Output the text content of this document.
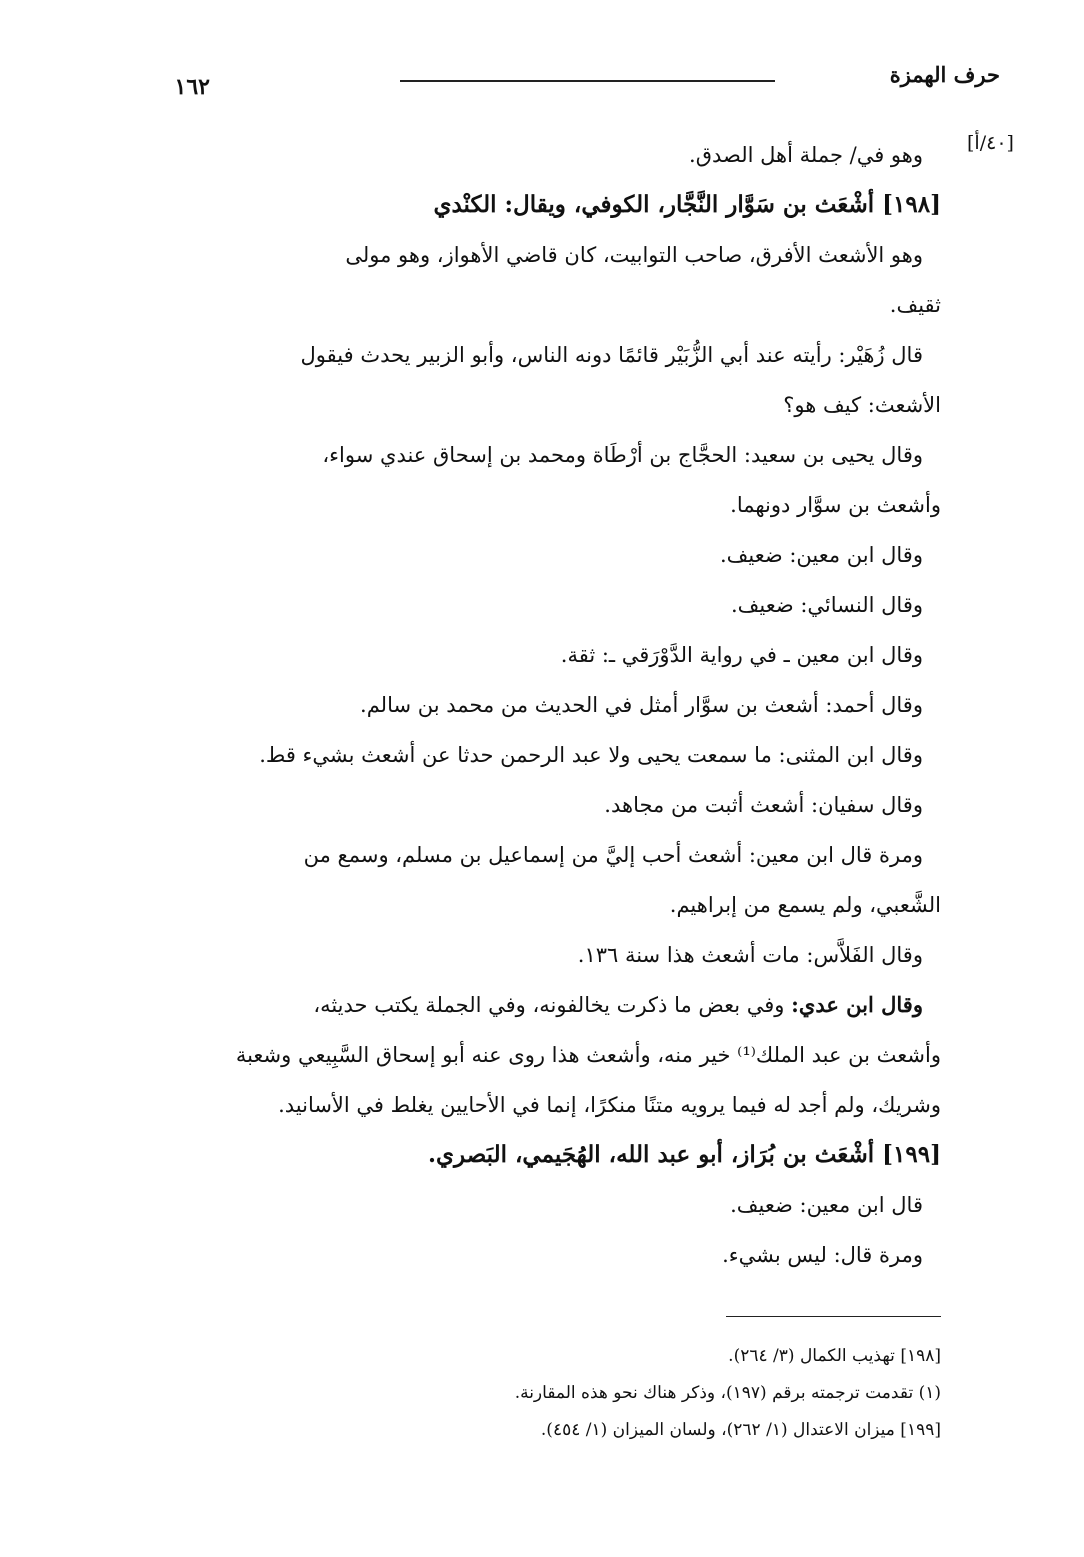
حرف الهمزة
١٦٢
[٤٠/أ]
وهو في/ جملة أهل الصدق.
[١٩٨] أشْعَث بن سَوَّار النَّجَّار، الكوفي، ويقال: الكنْدي
وهو الأشعث الأفرق، صاحب التوابيت، كان قاضي الأهواز، وهو مولى
ثقيف.
قال زُهَيْر: رأيته عند أبي الزُّبَيْر قائمًا دونه الناس، وأبو الزبير يحدث فيقول
الأشعث: كيف هو؟
وقال يحيى بن سعيد: الحجَّاج بن أرْطَاة ومحمد بن إسحاق عندي سواء،
وأشعث بن سوَّار دونهما.
وقال ابن معين: ضعيف.
وقال النسائي: ضعيف.
وقال ابن معين ـ في رواية الدَّوْرَقي ـ: ثقة.
وقال أحمد: أشعث بن سوَّار أمثل في الحديث من محمد بن سالم.
وقال ابن المثنى: ما سمعت يحيى ولا عبد الرحمن حدثا عن أشعث بشيء قط.
وقال سفيان: أشعث أثبت من مجاهد.
ومرة قال ابن معين: أشعث أحب إليَّ من إسماعيل بن مسلم، وسمع من
الشَّعبي، ولم يسمع من إبراهيم.
وقال الفَلاَّس: مات أشعث هذا سنة ١٣٦.
وقال ابن عدي: وفي بعض ما ذكرت يخالفونه، وفي الجملة يكتب حديثه،
وأشعث بن عبد الملك⁽¹⁾ خير منه، وأشعث هذا روى عنه أبو إسحاق السَّبِيعي وشعبة
وشريك، ولم أجد له فيما يرويه متنًا منكرًا، إنما في الأحايين يغلط في الأسانيد.
[١٩٩] أشْعَث بن بُرَاز، أبو عبد الله، الهُجَيمي، البَصري.
قال ابن معين: ضعيف.
ومرة قال: ليس بشيء.
[١٩٨] تهذيب الكمال (٣/ ٢٦٤).
(١) تقدمت ترجمته برقم (١٩٧)، وذكر هناك نحو هذه المقارنة.
[١٩٩] ميزان الاعتدال (١/ ٢٦٢)، ولسان الميزان (١/ ٤٥٤).
